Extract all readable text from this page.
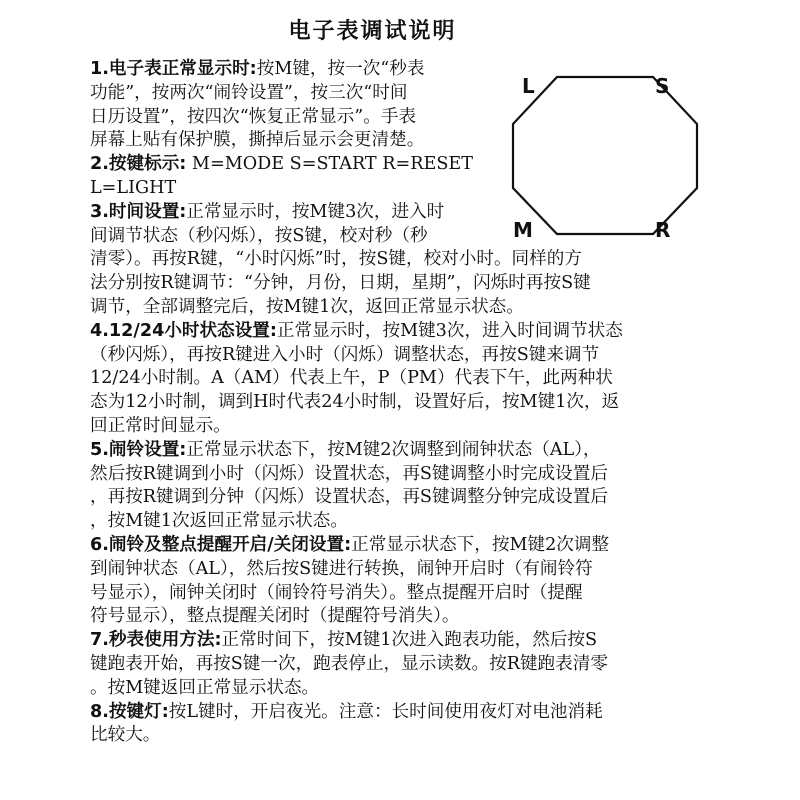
电子表调试说明
L	S
M	R
1.电子表正常显示时:按M键，按一次“秒表
功能”，按两次“闹铃设置”，按三次“时间
日历设置”，按四次“恢复正常显示”。手表
屏幕上贴有保护膜，撕掉后显示会更清楚。
2.按键标示: M=MODE S=START R=RESET
L=LIGHT
3.时间设置:正常显示时，按M键3次，进入时
间调节状态（秒闪烁），按S键，校对秒（秒
清零）。再按R键，“小时闪烁”时，按S键，校对小时。同样的方
法分别按R键调节：“分钟，月份，日期，星期”，闪烁时再按S键
调节，全部调整完后，按M键1次，返回正常显示状态。
4.12/24小时状态设置:正常显示时，按M键3次，进入时间调节状态
（秒闪烁），再按R键进入小时（闪烁）调整状态，再按S键来调节
12/24小时制。A（AM）代表上午，P（PM）代表下午，此两种状
态为12小时制，调到H时代表24小时制，设置好后，按M键1次，返
回正常时间显示。
5.闹铃设置:正常显示状态下，按M键2次调整到闹钟状态（AL），
然后按R键调到小时（闪烁）设置状态，再S键调整小时完成设置后
，再按R键调到分钟（闪烁）设置状态，再S键调整分钟完成设置后
，按M键1次返回正常显示状态。
6.闹铃及整点提醒开启/关闭设置:正常显示状态下，按M键2次调整
到闹钟状态（AL），然后按S键进行转换，闹钟开启时（有闹铃符
号显示），闹钟关闭时（闹铃符号消失）。整点提醒开启时（提醒
符号显示），整点提醒关闭时（提醒符号消失）。
7.秒表使用方法:正常时间下，按M键1次进入跑表功能，然后按S
键跑表开始，再按S键一次，跑表停止，显示读数。按R键跑表清零
。按M键返回正常显示状态。
8.按键灯:按L键时，开启夜光。注意：长时间使用夜灯对电池消耗
比较大。
